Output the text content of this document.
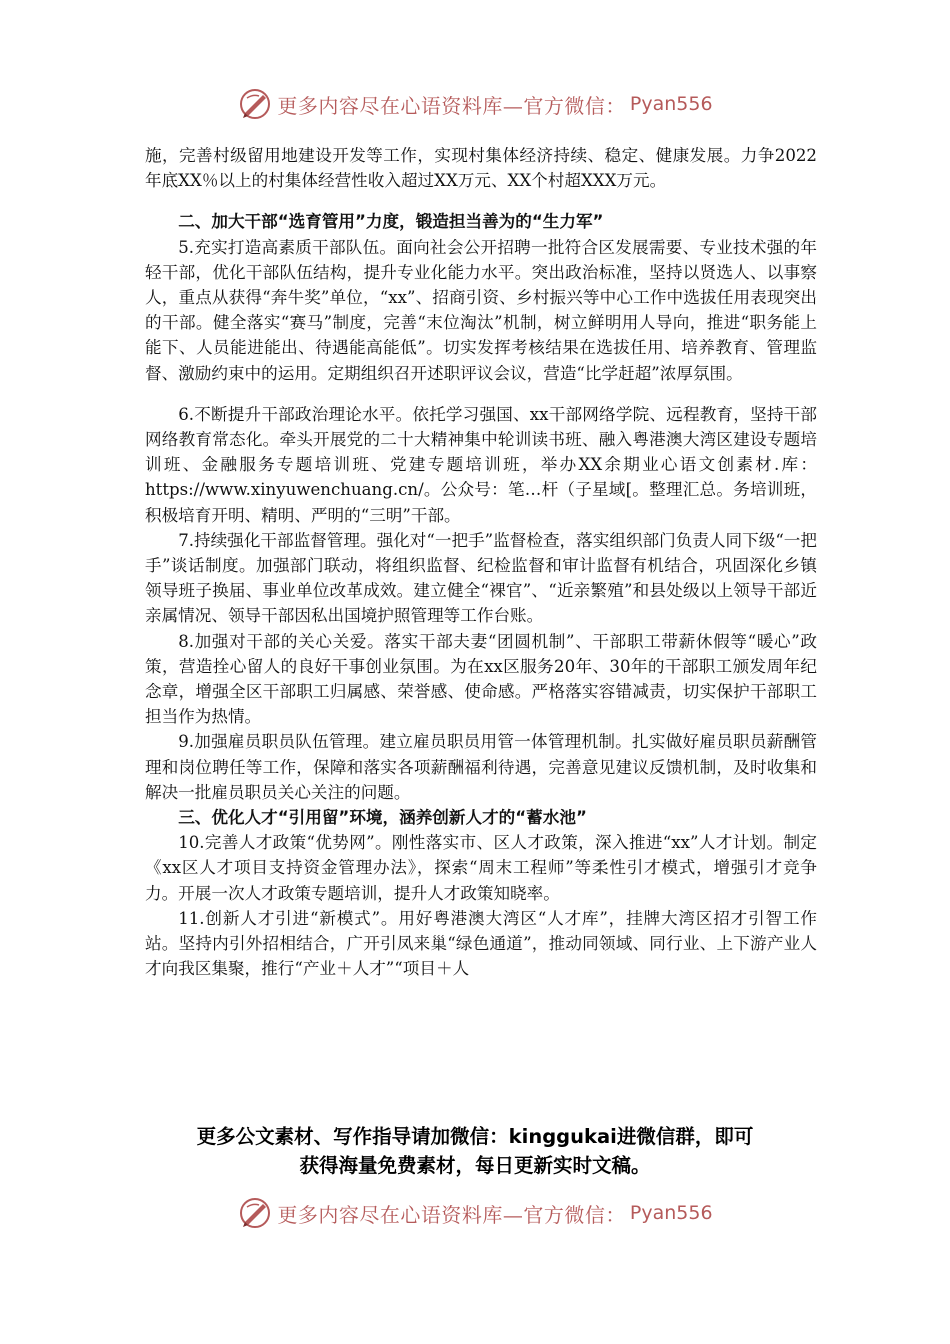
更多内容尽在心语资料库—官方微信： Pyan556

施，完善村级留用地建设开发等工作，实现村集体经济持续、稳定、健康发展。力争2022年底XX％以上的村集体经营性收入超过XX万元、XX个村超XXX万元。

二、加大干部“选育管用”力度，锻造担当善为的“生力军”

5.充实打造高素质干部队伍。面向社会公开招聘一批符合区发展需要、专业技术强的年轻干部，优化干部队伍结构，提升专业化能力水平。突出政治标准，坚持以贤选人、以事察人，重点从获得“奔牛奖”单位，“xx”、招商引资、乡村振兴等中心工作中选拔任用表现突出的干部。健全落实“赛马”制度，完善“末位淘汰”机制，树立鲜明用人导向，推进“职务能上能下、人员能进能出、待遇能高能低”。切实发挥考核结果在选拔任用、培养教育、管理监督、激励约束中的运用。定期组织召开述职评议会议，营造“比学赶超”浓厚氛围。

6.不断提升干部政治理论水平。依托学习强国、xx干部网络学院、远程教育，坚持干部网络教育常态化。牵头开展党的二十大精神集中轮训读书班、融入粤港澳大湾区建设专题培训班、金融服务专题培训班、党建专题培训班，举办XX余期业心语文创素材.库：https://www.xinyuwenchuang.cn/。公众号：笔…杆（子星域[。整理汇总。务培训班，积极培育开明、精明、严明的“三明”干部。

7.持续强化干部监督管理。强化对“一把手”监督检查，落实组织部门负责人同下级“一把手”谈话制度。加强部门联动，将组织监督、纪检监督和审计监督有机结合，巩固深化乡镇领导班子换届、事业单位改革成效。建立健全“裸官”、“近亲繁殖”和县处级以上领导干部近亲属情况、领导干部因私出国境护照管理等工作台账。

8.加强对干部的关心关爱。落实干部夫妻“团圆机制”、干部职工带薪休假等“暖心”政策，营造拴心留人的良好干事创业氛围。为在xx区服务20年、30年的干部职工颁发周年纪念章，增强全区干部职工归属感、荣誉感、使命感。严格落实容错减责，切实保护干部职工担当作为热情。

9.加强雇员职员队伍管理。建立雇员职员用管一体管理机制。扎实做好雇员职员薪酬管理和岗位聘任等工作，保障和落实各项薪酬福利待遇，完善意见建议反馈机制，及时收集和解决一批雇员职员关心关注的问题。

三、优化人才“引用留”环境，涵养创新人才的“蓄水池”

10.完善人才政策“优势网”。刚性落实市、区人才政策，深入推进“xx”人才计划。制定《xx区人才项目支持资金管理办法》，探索“周末工程师”等柔性引才模式，增强引才竞争力。开展一次人才政策专题培训，提升人才政策知晓率。

11.创新人才引进“新模式”。用好粤港澳大湾区“人才库”，挂牌大湾区招才引智工作站。坚持内引外招相结合，广开引凤来巢“绿色通道”，推动同领域、同行业、上下游产业人才向我区集聚，推行“产业＋人才”“项目＋人

更多公文素材、写作指导请加微信：kinggukai进微信群，即可
获得海量免费素材，每日更新实时文稿。
更多内容尽在心语资料库—官方微信： Pyan556
